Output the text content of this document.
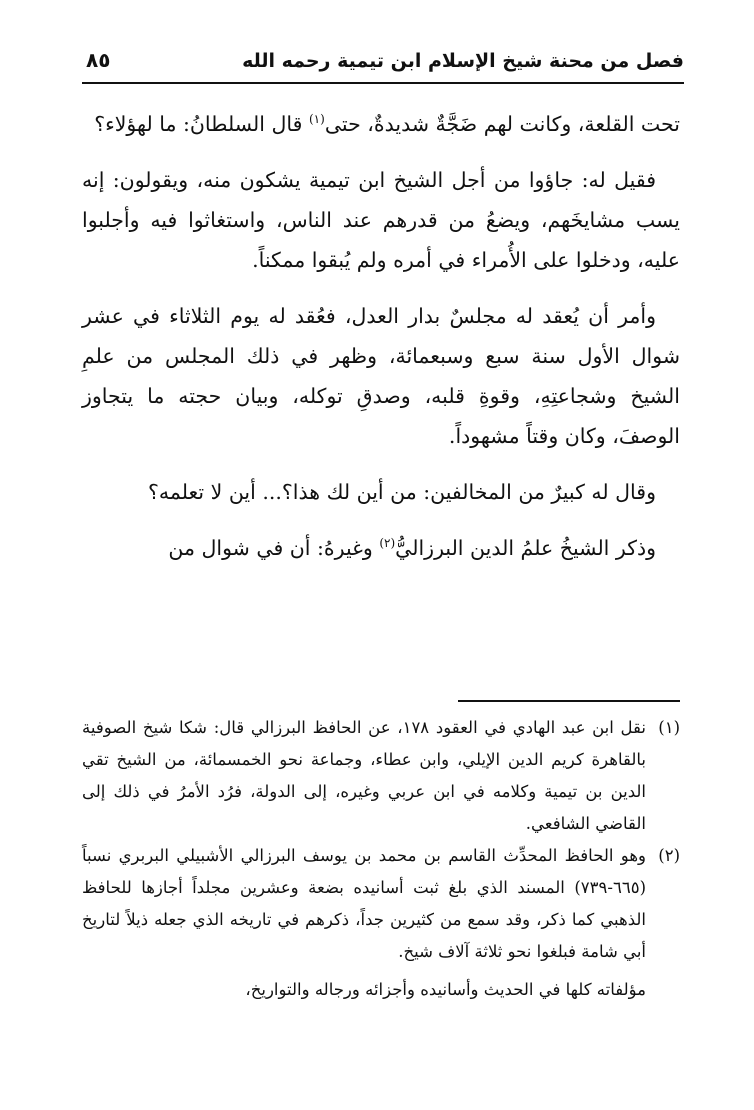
فصل من محنة شيخ الإسلام ابن تيمية رحمه الله
٨٥

تحت القلعة، وكانت لهم ضَجَّةٌ شديدةٌ، حتى$^{(١)}$ قال السلطانُ: ما لهؤلاء؟

فقيل له: جاؤوا من أجل الشيخ ابن تيمية يشكون منه، ويقولون: إنه يسب مشايخَهم، ويضعُ من قدرهم عند الناس، واستغاثوا فيه وأجلبوا عليه، ودخلوا على الأُمراء في أمره ولم يُبقوا ممكناً.

وأمر أن يُعقد له مجلسٌ بدار العدل، فعُقد له يوم الثلاثاء في عشر شوال الأول سنة سبع وسبعمائة، وظهر في ذلك المجلس من علمِ الشيخ وشجاعتِهِ، وقوةِ قلبه، وصدقِ توكله، وبيان حجته ما يتجاوز الوصفَ، وكان وقتاً مشهوداً.

وقال له كبيرٌ من المخالفين: من أين لك هذا؟... أين لا تعلمه؟

وذكر الشيخُ علمُ الدين البرزاليُّ$^{(٢)}$ وغيرهُ: أن في شوال من

(١)
نقل ابن عبد الهادي في العقود ١٧٨، عن الحافظ البرزالي قال: شكا شيخ الصوفية بالقاهرة كريم الدين الإيلي، وابن عطاء، وجماعة نحو الخمسمائة، من الشيخ تقي الدين بن تيمية وكلامه في ابن عربي وغيره، إلى الدولة، فرُد الأمرُ في ذلك إلى القاضي الشافعي.
(٢)
وهو الحافظ المحدِّث القاسم بن محمد بن يوسف البرزالي الأشبيلي البربري نسباً (٦٦٥-٧٣٩) المسند الذي بلغ ثبت أسانيده بضعة وعشرين مجلداً أجازها للحافظ الذهبي كما ذكر، وقد سمع من كثيرين جداً، ذكرهم في تاريخه الذي جعله ذيلاً لتاريخ أبي شامة فبلغوا نحو ثلاثة آلاف شيخ.
مؤلفاته كلها في الحديث وأسانيده وأجزائه ورجاله والتواريخ،
